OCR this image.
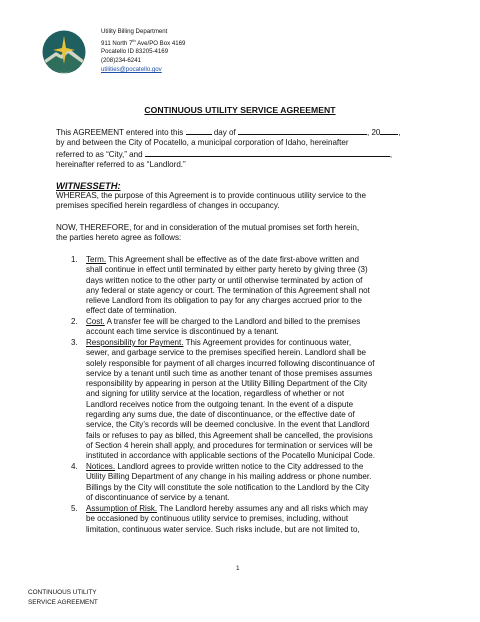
Utility Billing Department
911 North 7th Ave/PO Box 4169
Pocatello ID 83205-4169
(208)234-6241
utilities@pocatello.gov
CONTINUOUS UTILITY SERVICE AGREEMENT
This AGREEMENT entered into this	day of	, 20 ,
by and between the City of Pocatello, a municipal corporation of Idaho, hereinafter
referred to as “City,” and	,
hereinafter referred to as “Landlord.”
WITNESSETH:
WHEREAS, the purpose of this Agreement is to provide continuous utility service to the
premises specified herein regardless of changes in occupancy.
NOW, THEREFORE, for and in consideration of the mutual promises set forth herein,
the parties hereto agree as follows:
1. Term. This Agreement shall be effective as of the date first-above written and
shall continue in effect until terminated by either party hereto by giving three (3)
days written notice to the other party or until otherwise terminated by action of
any federal or state agency or court. The termination of this Agreement shall not
relieve Landlord from its obligation to pay for any charges accrued prior to the
effect date of termination.
2. Cost. A transfer fee will be charged to the Landlord and billed to the premises
account each time service is discontinued by a tenant.
3. Responsibility for Payment. This Agreement provides for continuous water,
sewer, and garbage service to the premises specified herein. Landlord shall be
solely responsible for payment of all charges incurred following discontinuance of
service by a tenant until such time as another tenant of those premises assumes
responsibility by appearing in person at the Utility Billing Department of the City
and signing for utility service at the location, regardless of whether or not
Landlord receives notice from the outgoing tenant. In the event of a dispute
regarding any sums due, the date of discontinuance, or the effective date of
service, the City’s records will be deemed conclusive. In the event that Landlord
fails or refuses to pay as billed, this Agreement shall be cancelled, the provisions
of Section 4 herein shall apply, and procedures for termination or services will be
instituted in accordance with applicable sections of the Pocatello Municipal Code.
4. Notices. Landlord agrees to provide written notice to the City addressed to the
Utility Billing Department of any change in his mailing address or phone number.
Billings by the City will constitute the sole notification to the Landlord by the City
of discontinuance of service by a tenant.
5. Assumption of Risk. The Landlord hereby assumes any and all risks which may
be occasioned by continuous utility service to premises, including, without
limitation, continuous water service. Such risks include, but are not limited to,
1
CONTINUOUS UTILITY
SERVICE AGREEMENT
